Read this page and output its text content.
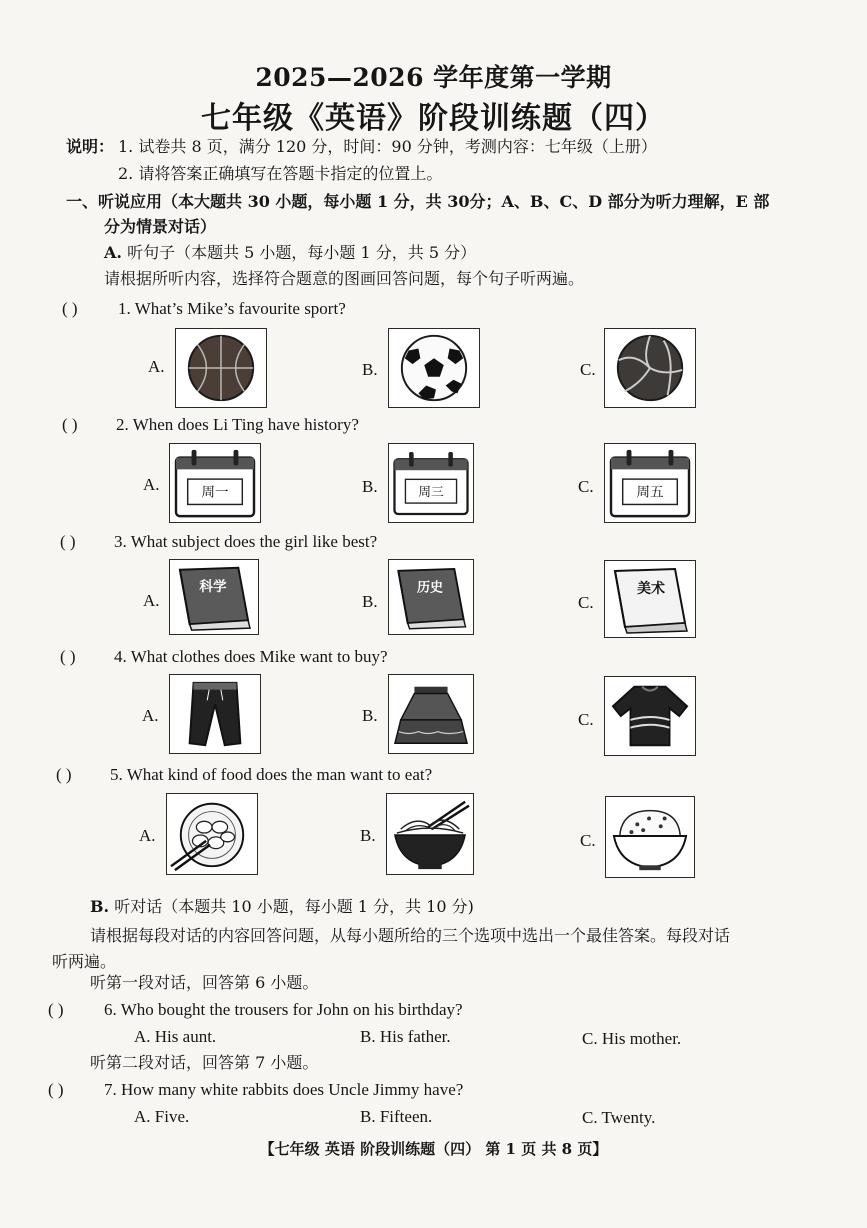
2025—2026 学年度第一学期
七年级《英语》阶段训练题（四）
说明： 1. 试卷共 8 页，满分 120 分，时间：90 分钟，考测内容：七年级（上册）
2. 请将答案正确填写在答题卡指定的位置上。
一、听说应用（本大题共 30 小题，每小题 1 分，共 30分；A、B、C、D 部分为听力理解，E 部
分为情景对话）
A. 听句子（本题共 5 小题，每小题 1 分，共 5 分）
请根据所听内容，选择符合题意的图画回答问题，每个句子听两遍。
( ) 1. What’s Mike’s favourite sport?
A.	B.	C.
( ) 2. When does Li Ting have history?
A.	周一	B.	周三	C.	周五
( ) 3. What subject does the girl like best?
A.
科学
B.
历史
C.
美术
( ) 4. What clothes does Mike want to buy?
A.	B.	C.
( ) 5. What kind of food does the man want to eat?
A.	B.	C.
B. 听对话（本题共 10 小题，每小题 1 分，共 10 分)
请根据每段对话的内容回答问题，从每小题所给的三个选项中选出一个最佳答案。每段对话
听两遍。
听第一段对话，回答第 6 小题。
( ) 6. Who bought the trousers for John on his birthday?
A. His aunt.	B. His father.	C. His mother.
听第二段对话，回答第 7 小题。
( ) 7. How many white rabbits does Uncle Jimmy have?
A. Five.	B. Fifteen.	C. Twenty.
【七年级 英语 阶段训练题（四） 第 1 页 共 8 页】
